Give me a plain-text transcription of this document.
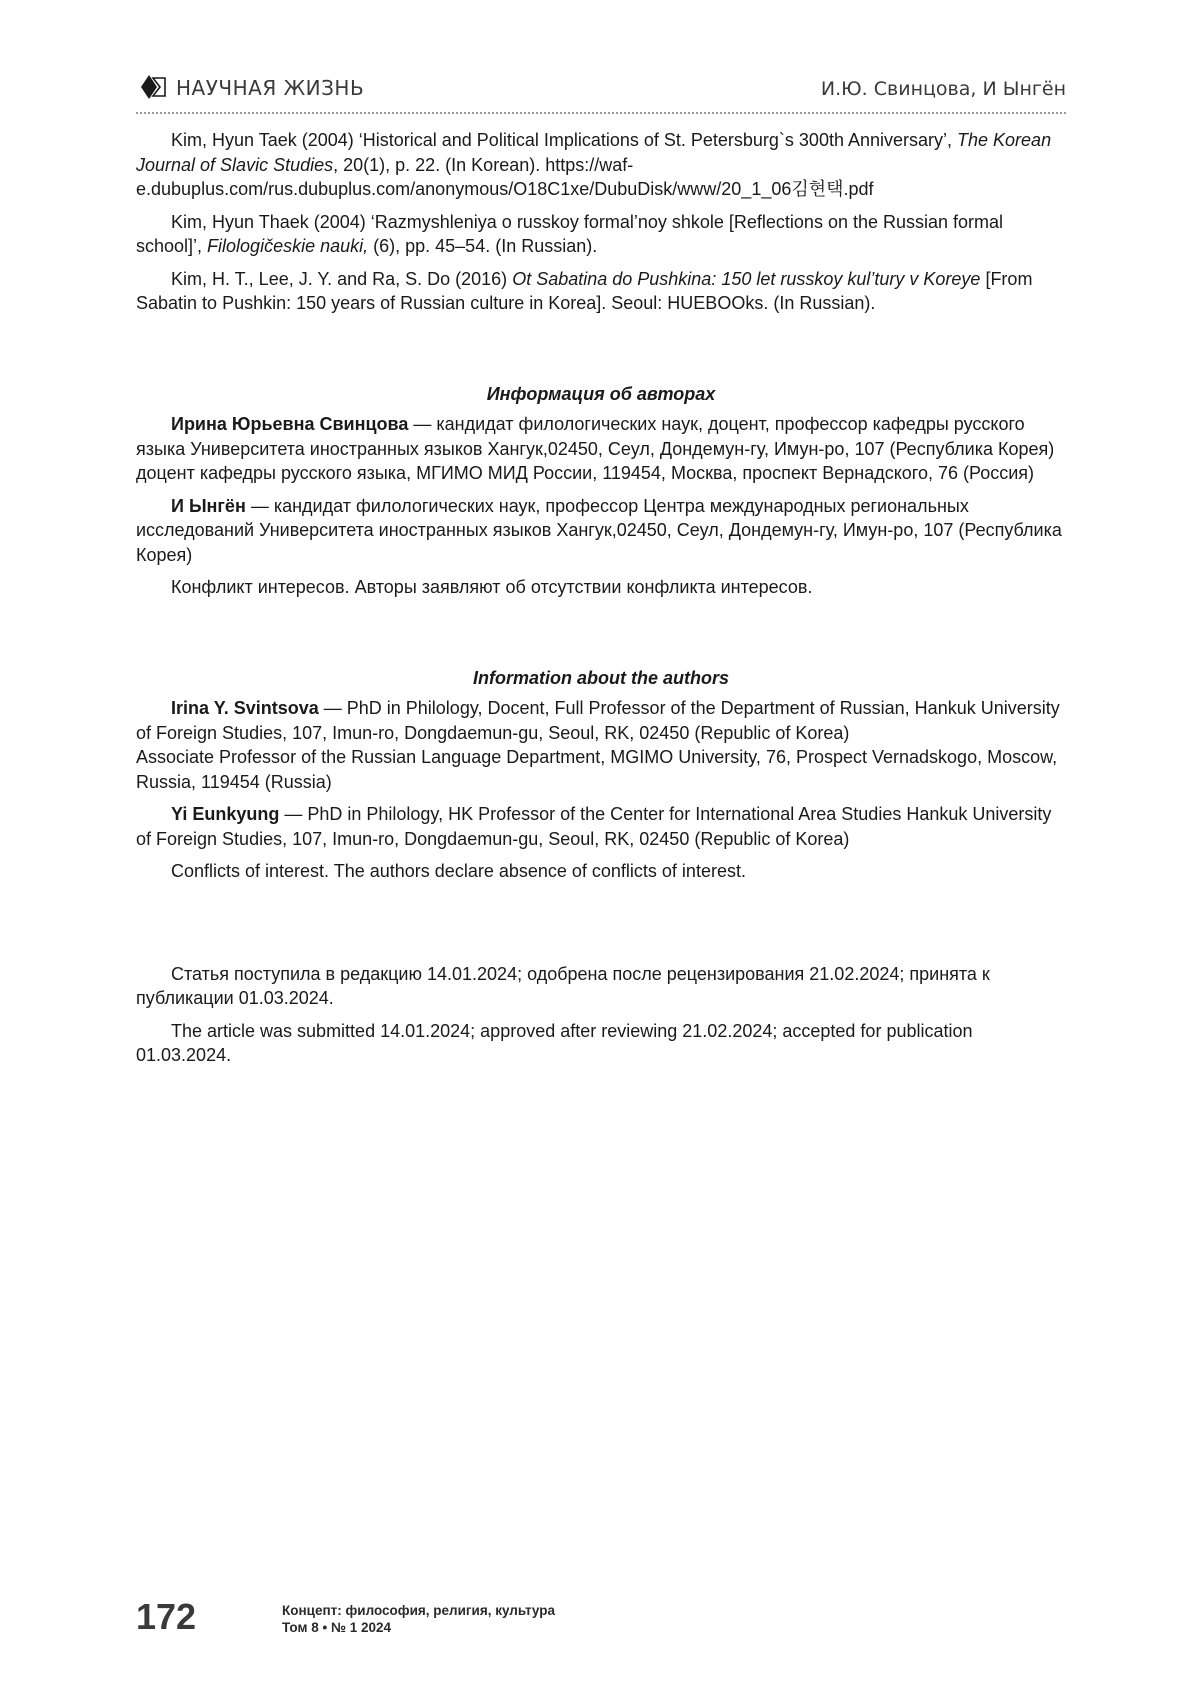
НАУЧНАЯ ЖИЗНЬ	И.Ю. Свинцова, И Ынгён

Kim, Hyun Taek (2004) ‘Historical and Political Implications of St. Petersburg`s 300th Anniversary’, The Korean Journal of Slavic Studies, 20(1), p. 22. (In Korean). https://waf-e.dubuplus.com/rus.dubuplus.com/anonymous/O18C1xe/DubuDisk/www/20_1_06김현택.pdf

Kim, Hyun Thaek (2004) ‘Razmyshleniya o russkoy formal’noy shkole [Reflections on the Russian formal school]’, Filologičeskie nauki, (6), pp. 45–54. (In Russian).

Kim, H. T., Lee, J. Y. and Ra, S. Do (2016) Ot Sabatina do Pushkina: 150 let russkoy kul’tury v Koreye [From Sabatin to Pushkin: 150 years of Russian culture in Korea]. Seoul: HUEBOOks. (In Russian).

Информация об авторах

Ирина Юрьевна Свинцова — кандидат филологических наук, доцент, профессор кафедры русского языка Университета иностранных языков Хангук,02450, Сеул, Дондемун-гу, Имун-ро, 107 (Республика Корея)

доцент кафедры русского языка, МГИМО МИД России, 119454, Москва, проспект Вернадского, 76 (Россия)

И Ынгён — кандидат филологических наук, профессор Центра международных региональных исследований Университета иностранных языков Хангук,02450, Сеул, Дондемун-гу, Имун-ро, 107 (Республика Корея)

Конфликт интересов. Авторы заявляют об отсутствии конфликта интересов.

Information about the authors

Irina Y. Svintsova — PhD in Philology, Docent, Full Professor of the Department of Russian, Hankuk University of Foreign Studies, 107, Imun-ro, Dongdaemun-gu, Seoul, RK, 02450 (Republic of Korea)

Associate Professor of the Russian Language Department, MGIMO University, 76, Prospect Vernadskogo, Moscow, Russia, 119454 (Russia)

Yi Eunkyung — PhD in Philology, HK Professor of the Center for International Area Studies Hankuk University of Foreign Studies, 107, Imun-ro, Dongdaemun-gu, Seoul, RK, 02450 (Republic of Korea)

Conflicts of interest. The authors declare absence of conflicts of interest.

Статья поступила в редакцию 14.01.2024; одобрена после рецензирования 21.02.2024; принята к публикации 01.03.2024.

The article was submitted 14.01.2024; approved after reviewing 21.02.2024; accepted for publication 01.03.2024.

172	Концепт: философия, религия, культура
Том 8 • № 1 2024
